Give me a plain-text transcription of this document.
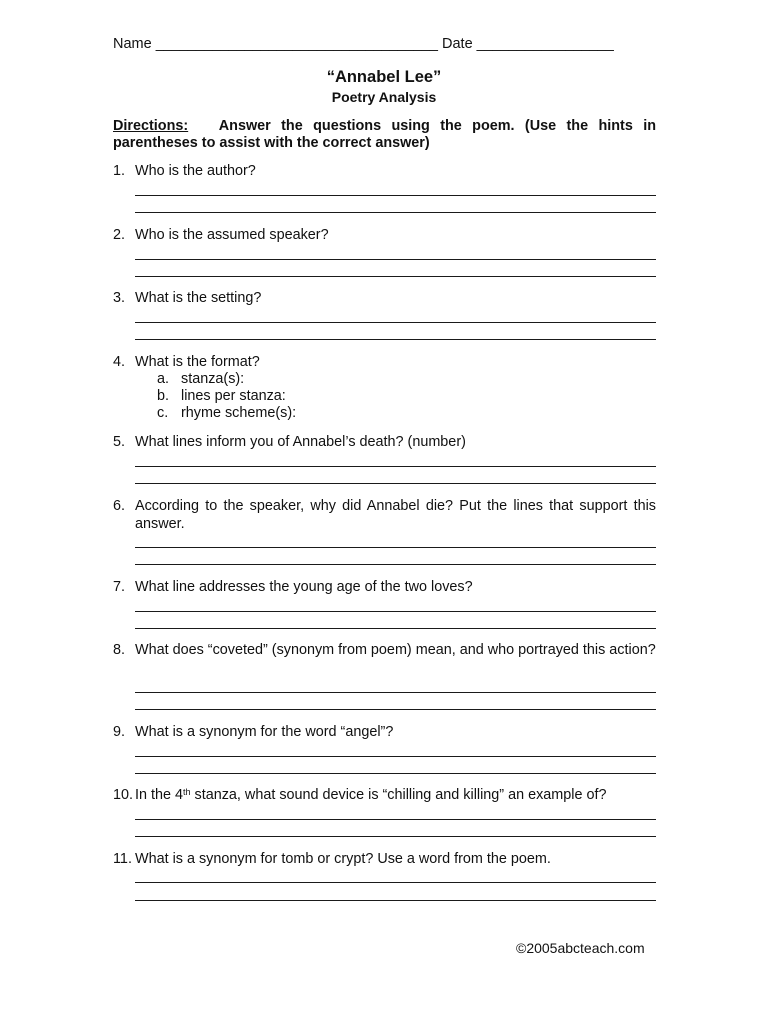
Name ___________________________________ Date _________________
“Annabel Lee”
Poetry Analysis
Directions: Answer the questions using the poem. (Use the hints in parentheses to assist with the correct answer)
1. Who is the author?
2. Who is the assumed speaker?
3. What is the setting?
4. What is the format?
a. stanza(s):
b. lines per stanza:
c. rhyme scheme(s):
5. What lines inform you of Annabel’s death? (number)
6. According to the speaker, why did Annabel die? Put the lines that support this answer.
7. What line addresses the young age of the two loves?
8. What does “coveted” (synonym from poem) mean, and who portrayed this action?
9. What is a synonym for the word “angel”?
10. In the 4th stanza, what sound device is “chilling and killing” an example of?
11. What is a synonym for tomb or crypt? Use a word from the poem.
©2005abcteach.com
